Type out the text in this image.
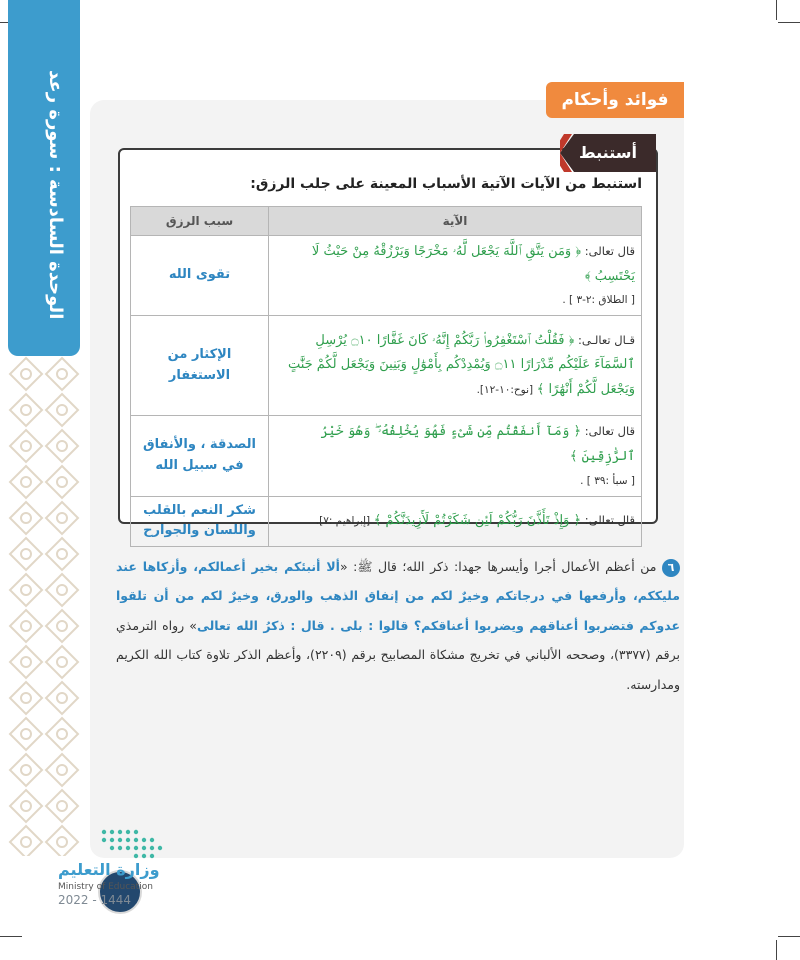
الوحدة السادسة : سورة رعد	فوائد وأحكام
أستنبط
استنبط من الآيات الآتية الأسباب المعينة على جلب الرزق:
الآية	سبب الرزق
قال تعالى: ﴿ وَمَن يَتَّقِ ٱللَّهَ يَجْعَل لَّهُۥ مَخْرَجًا وَيَرْزُقْهُ مِنْ حَيْثُ لَا يَحْتَسِبُ ﴾
[ الطلاق :٢-٣ ] .	تقوى الله
قـال تعالـى: ﴿ فَقُلْتُ ٱسْتَغْفِرُوا۟ رَبَّكُمْ إِنَّهُۥ كَانَ غَفَّارًا ۝١٠ يُرْسِلِ ٱلسَّمَآءَ عَلَيْكُم مِّدْرَارًا ۝١١ وَيُمْدِدْكُم بِأَمْوَٰلٍ وَبَنِينَ وَيَجْعَل لَّكُمْ جَنَّٰتٍ وَيَجْعَل لَّكُمْ أَنْهَٰرًا ﴾ [نوح:١٠-١٢].	الإكثار من الاستغفار
قال تعالى: ﴿ وَمَآ أَنفَقْتُم مِّن شَىْءٍ فَهُوَ يُخْلِفُهُۥ ۖ وَهُوَ خَيْرُ ٱلرَّٰزِقِينَ ﴾
[ سبأ :٣٩ ] .	الصدقة ، والأنفاق في سبيل الله
قال تعالى: ﴿ وَإِذْ تَأَذَّنَ رَبُّكُمْ لَئِن شَكَرْتُمْ لَأَزِيدَنَّكُمْ ﴾ [إبراهيم :٧].	شكر النعم بالقلب واللسان والجوارح
٦ من أعظم الأعمال أجرا وأيسرها جهدا: ذكر الله؛ قال ﷺ: «ألا أنبئكم بخير أعمالكم، وأزكاها عند مليككم، وأرفعها في درجاتكم وخيرٌ لكم من إنفاق الذهب والورق، وخيرٌ لكم من أن تلقوا عدوكم فتضربوا أعناقهم ويضربوا أعناقكم؟ قالوا : بلى . قال : ذكرُ الله تعالى» رواه الترمذي برقم (٣٣٧٧)، وصححه الألباني في تخريج مشكاة المصابيح برقم (٢٢٠٩)، وأعظم الذكر تلاوة كتاب الله الكريم ومدارسته.
وزارة التعليم
Ministry of Education
2022 - 1444
